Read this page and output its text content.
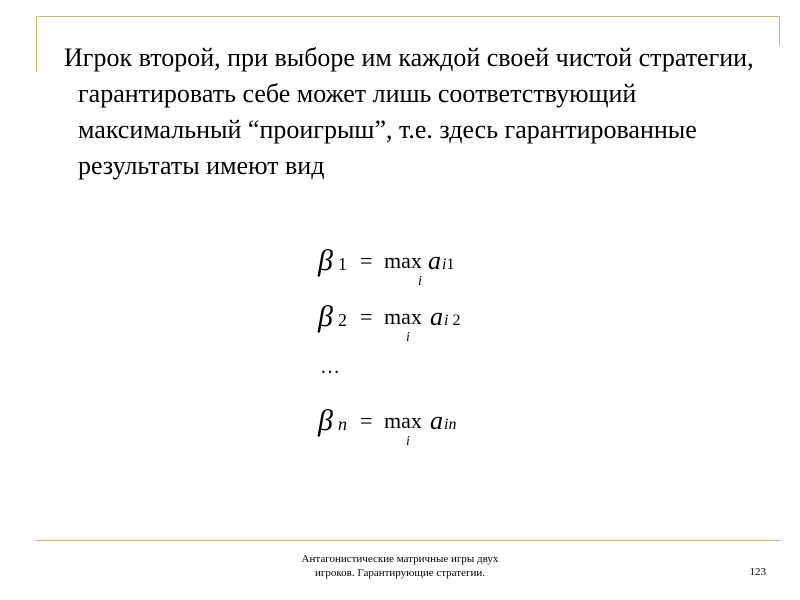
Игрок второй, при выборе им каждой своей чистой стратегии, гарантировать себе может лишь соответствующий максимальный “проигрыш”, т.е. здесь гарантированные результаты имеют вид

β 1 = max
i
a i1
β 2 = max
i
a i 2
…
β n = max
i
a in
Антагонистические матричные игры двух
игроков. Гарантирующие стратегии.	123
